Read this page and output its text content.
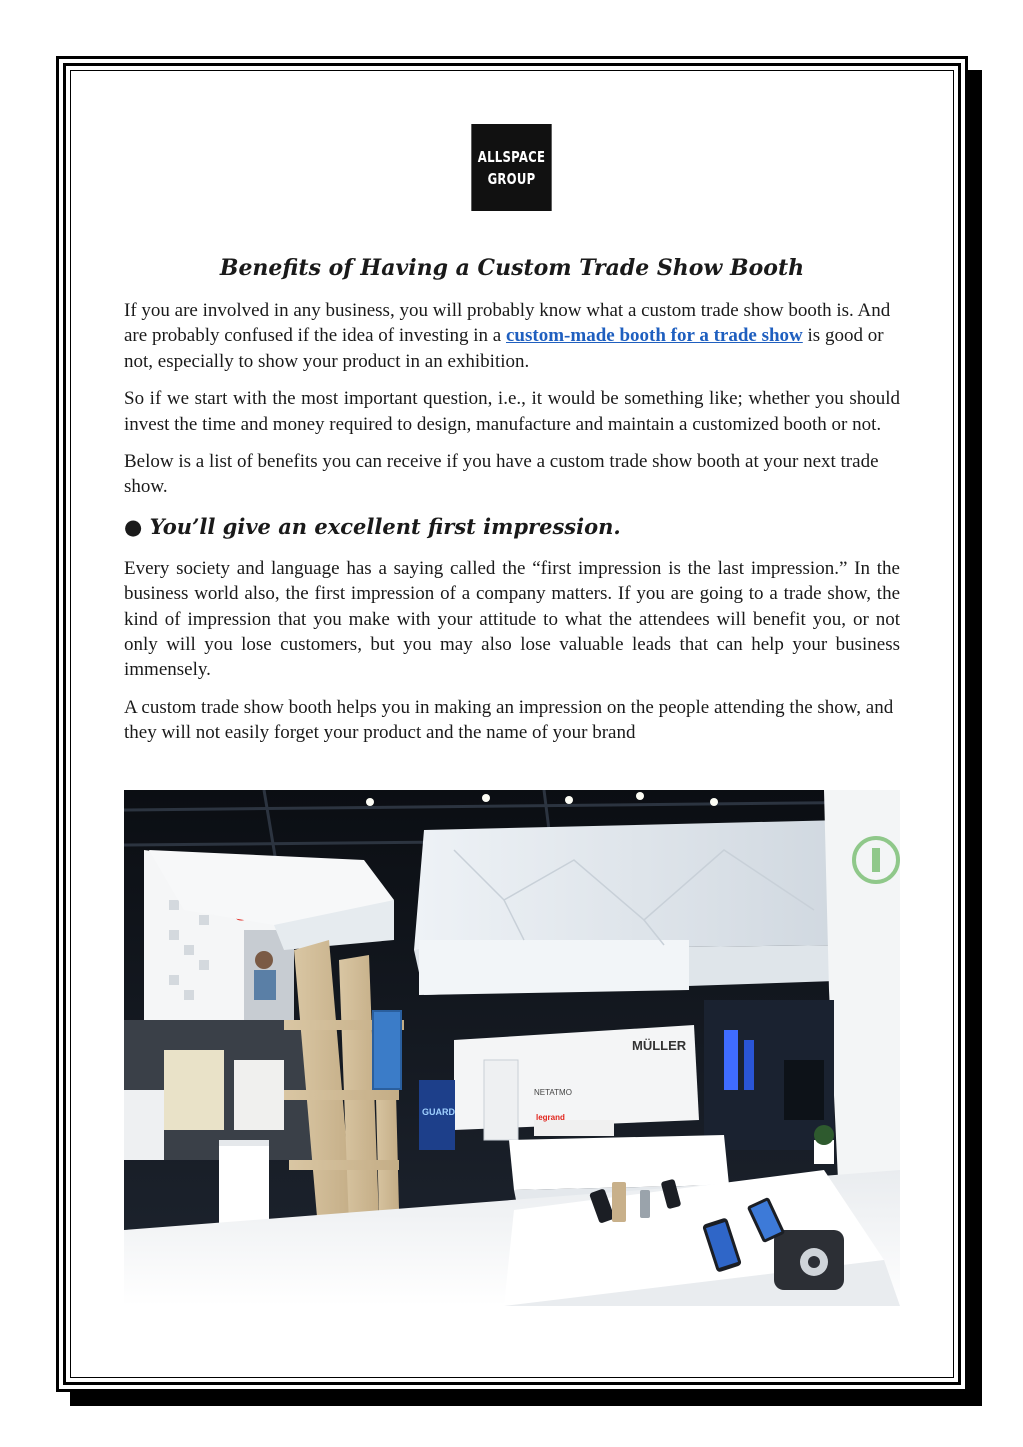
ALLSPACE
GROUP
Benefits of Having a Custom Trade Show Booth

If you are involved in any business, you will probably know what a custom trade show booth is. And are probably confused if the idea of investing in a custom-made booth for a trade show is good or not, especially to show your product in an exhibition.

So if we start with the most important question, i.e., it would be something like; whether you should invest the time and money required to design, manufacture and maintain a customized booth or not.

Below is a list of benefits you can receive if you have a custom trade show booth at your next trade show.

● You’ll give an excellent first impression.

Every society and language has a saying called the “first impression is the last impression.” In the business world also, the first impression of a company matters. If you are going to a trade show, the kind of impression that you make with your attitude to what the attendees will benefit you, or not only will you lose customers, but you may also lose valuable leads that can help your business immensely.

A custom trade show booth helps you in making an impression on the people attending the show, and they will not easily forget your product and the name of your brand

MÜLLER
NETATMO
legrand
GUARD
